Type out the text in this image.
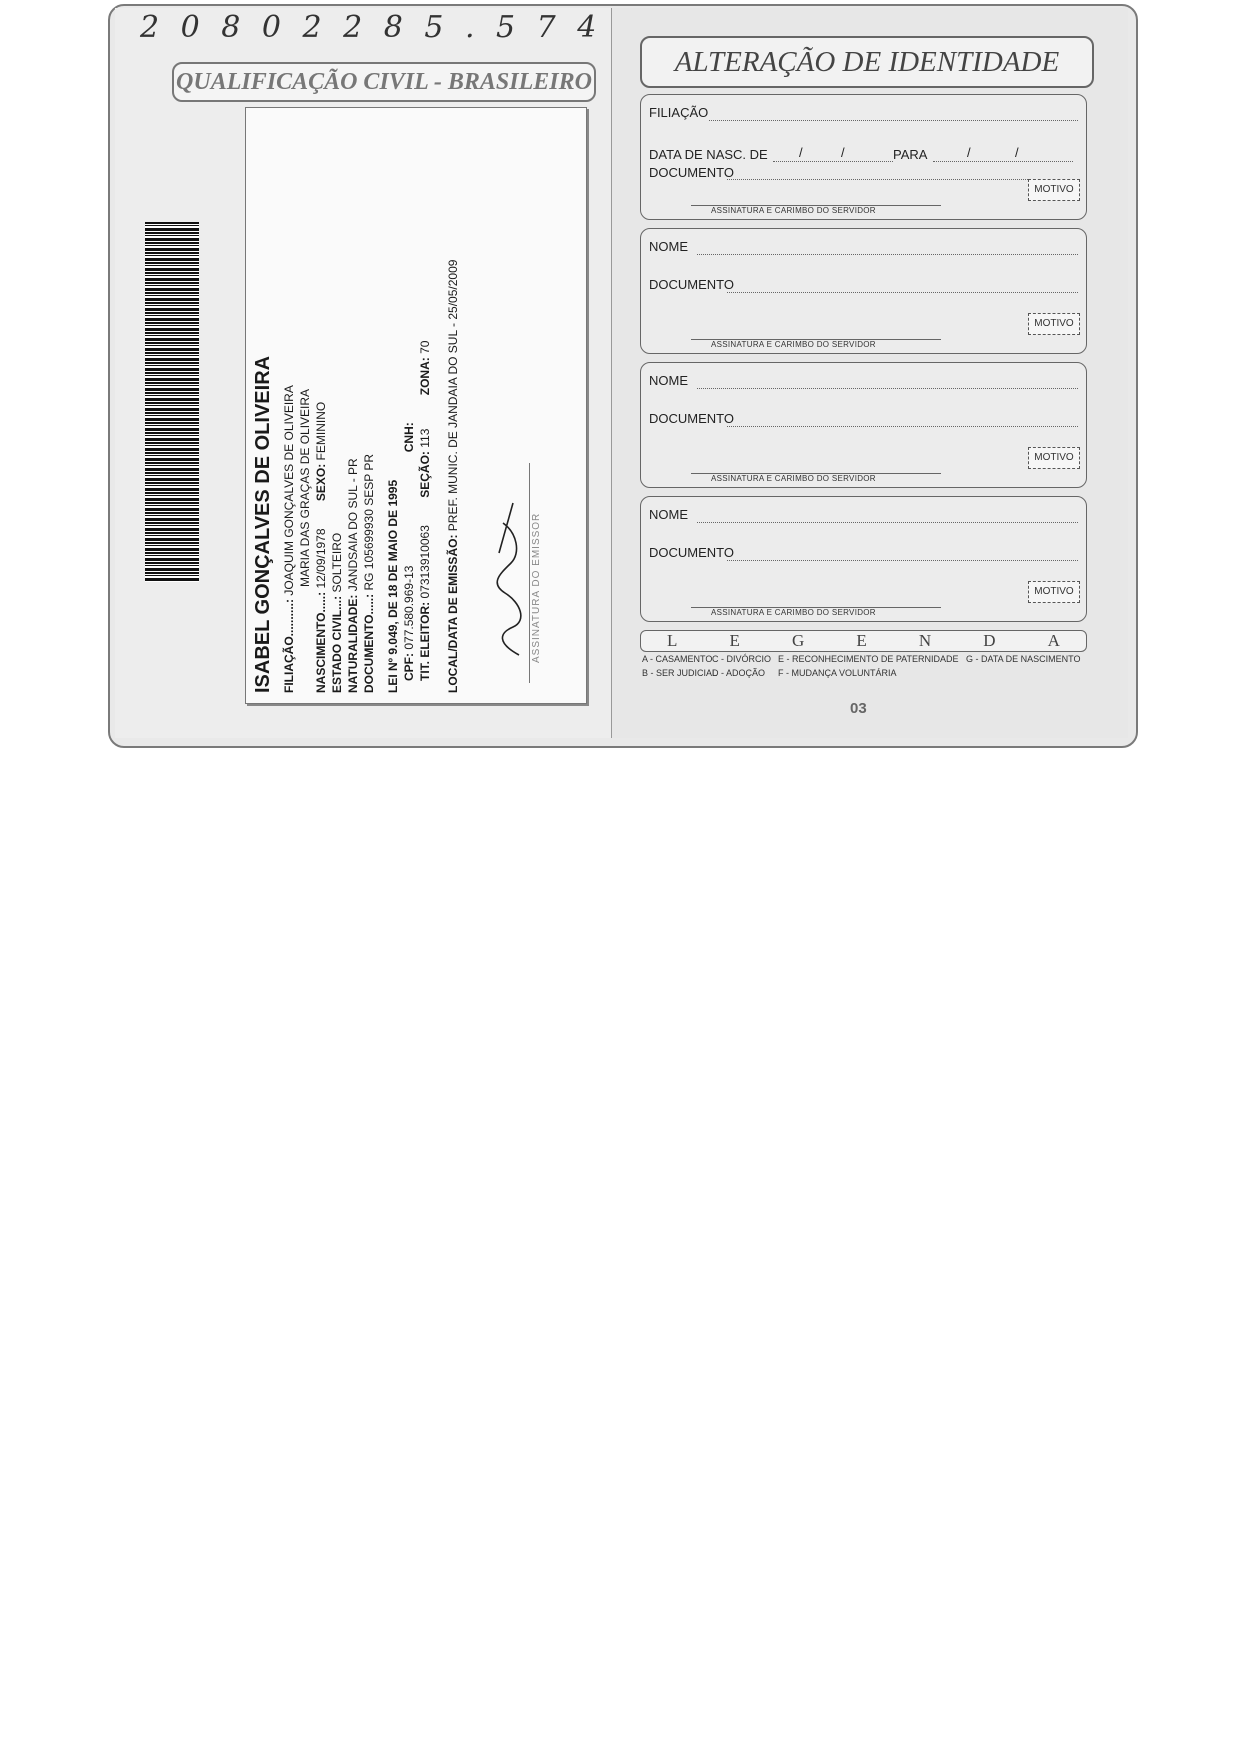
2 0 8 0 2 2 8 5 . 5 7 4
QUALIFICAÇÃO CIVIL - BRASILEIRO
ISABEL GONÇALVES DE OLIVEIRA FILIAÇÃO..........: JOAQUIM GONÇALVES DE OLIVEIRA MARIA DAS GRAÇAS DE OLIVEIRA
NASCIMENTO.....: 12/09/1978 SEXO: FEMININO
ESTADO CIVIL...: SOLTEIRO
NATURALIDADE: JANDSAIA DO SUL - PR
DOCUMENTO.....: RG 105699930 SESP PR LEI Nº 9.049, DE 18 DE MAIO DE 1995 CPF: 077.580.969-13 CNH:
TIT. ELEITOR: 07313910063 SEÇÃO: 113 ZONA: 70
LOCAL/DATA DE EMISSÃO: PREF. MUNIC. DE JANDAIA DO SUL - 25/05/2009
ASSINATURA DO EMISSOR
ALTERAÇÃO DE IDENTIDADE
FILIAÇÃO
DATA DE NASC. DE /	/	PARA	/	/
DOCUMENTO
MOTIVO
ASSINATURA E CARIMBO DO SERVIDOR
NOME
DOCUMENTO
MOTIVO
ASSINATURA E CARIMBO DO SERVIDOR
NOME
DOCUMENTO
MOTIVO
ASSINATURA E CARIMBO DO SERVIDOR
NOME
DOCUMENTO
MOTIVO
ASSINATURA E CARIMBO DO SERVIDOR
L	E	G	E	N	D	A
A - CASAMENTO
B - SER JUDICIAL
C - DIVÓRCIO
D - ADOÇÃO
E - RECONHECIMENTO DE PATERNIDADE
F - MUDANÇA VOLUNTÁRIA
G - DATA DE NASCIMENTO
03
